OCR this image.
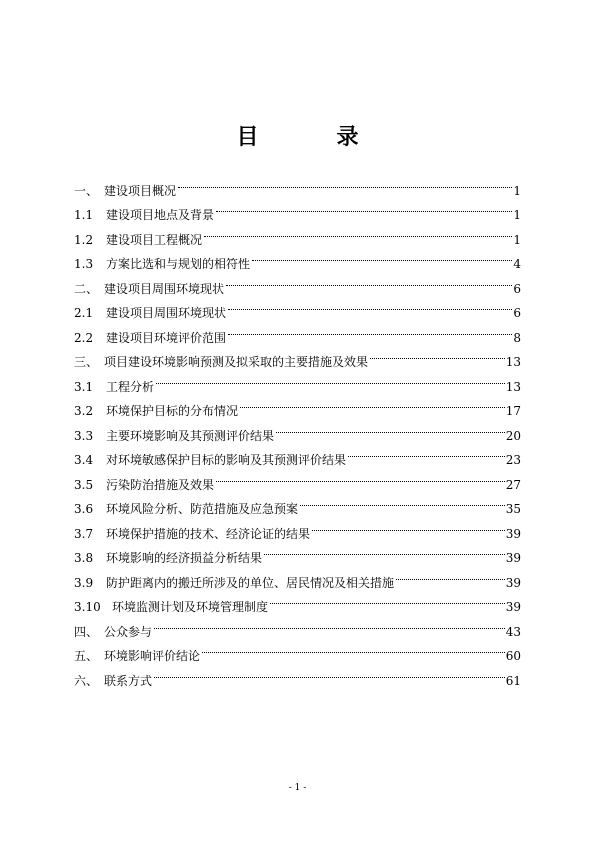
目　录
一、 建设项目概况	1
1.1	建设项目地点及背景	1
1.2	建设项目工程概况	1
1.3	方案比选和与规划的相符性	4
二、 建设项目周围环境现状	6
2.1	建设项目周围环境现状	6
2.2	建设项目环境评价范围	8
三、 项目建设环境影响预测及拟采取的主要措施及效果	13
3.1	工程分析	13
3.2	环境保护目标的分布情况	17
3.3	主要环境影响及其预测评价结果	20
3.4	对环境敏感保护目标的影响及其预测评价结果	23
3.5	污染防治措施及效果	27
3.6	环境风险分析、防范措施及应急预案	35
3.7	环境保护措施的技术、经济论证的结果	39
3.8	环境影响的经济损益分析结果	39
3.9	防护距离内的搬迁所涉及的单位、居民情况及相关措施	39
3.10 环境监测计划及环境管理制度	39
四、 公众参与	43
五、 环境影响评价结论	60
六、 联系方式	61
- 1 -
